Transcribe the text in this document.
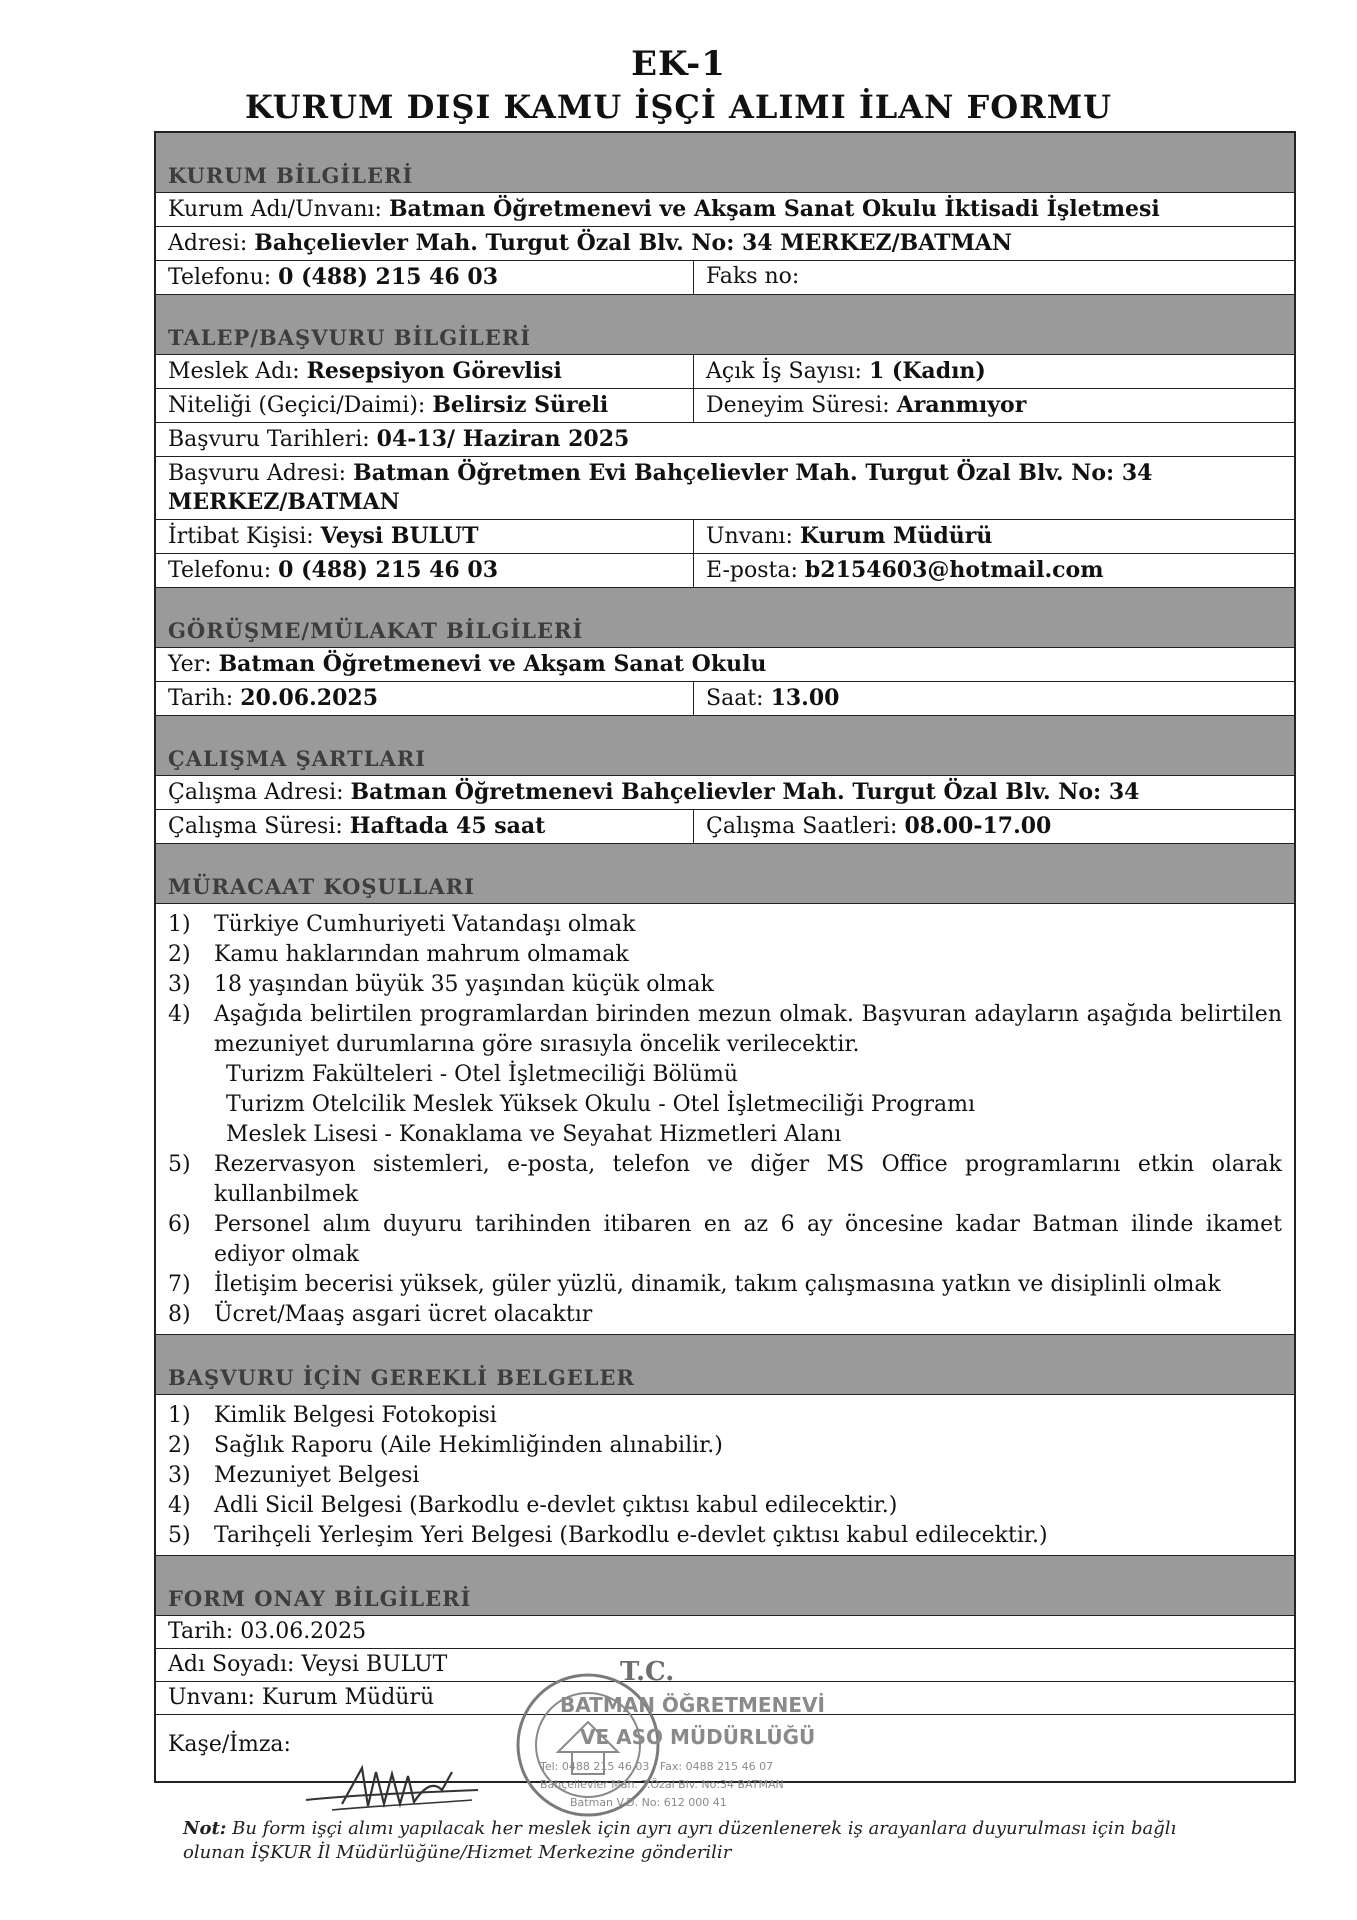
EK-1
KURUM DIŞI KAMU İŞÇİ ALIMI İLAN FORMU
KURUM BİLGİLERİ
Kurum Adı/Unvanı: Batman Öğretmenevi ve Akşam Sanat Okulu İktisadi İşletmesi
Adresi: Bahçelievler Mah. Turgut Özal Blv. No: 34 MERKEZ/BATMAN
Telefonu: 0 (488) 215 46 03	Faks no:
TALEP/BAŞVURU BİLGİLERİ
Meslek Adı: Resepsiyon Görevlisi	Açık İş Sayısı: 1 (Kadın)
Niteliği (Geçici/Daimi): Belirsiz Süreli	Deneyim Süresi: Aranmıyor
Başvuru Tarihleri: 04-13/ Haziran 2025
Başvuru Adresi: Batman Öğretmen Evi Bahçelievler Mah. Turgut Özal Blv. No: 34 MERKEZ/BATMAN
İrtibat Kişisi: Veysi BULUT	Unvanı: Kurum Müdürü
Telefonu: 0 (488) 215 46 03	E-posta: b2154603@hotmail.com
GÖRÜŞME/MÜLAKAT BİLGİLERİ
Yer: Batman Öğretmenevi ve Akşam Sanat Okulu
Tarih: 20.06.2025	Saat: 13.00
ÇALIŞMA ŞARTLARI
Çalışma Adresi: Batman Öğretmenevi Bahçelievler Mah. Turgut Özal Blv. No: 34
Çalışma Süresi: Haftada 45 saat	Çalışma Saatleri: 08.00-17.00
MÜRACAAT KOŞULLARI
1)	Türkiye Cumhuriyeti Vatandaşı olmak
2)	Kamu haklarından mahrum olmamak
3)	18 yaşından büyük 35 yaşından küçük olmak
4)	Aşağıda belirtilen programlardan birinden mezun olmak. Başvuran adayların aşağıda belirtilen mezuniyet durumlarına göre sırasıyla öncelik verilecektir.
Turizm Fakülteleri - Otel İşletmeciliği Bölümü
Turizm Otelcilik Meslek Yüksek Okulu - Otel İşletmeciliği Programı
Meslek Lisesi - Konaklama ve Seyahat Hizmetleri Alanı
5)	Rezervasyon sistemleri, e-posta, telefon ve diğer MS Office programlarını etkin olarak kullanbilmek
6)	Personel alım duyuru tarihinden itibaren en az 6 ay öncesine kadar Batman ilinde ikamet ediyor olmak
7)	İletişim becerisi yüksek, güler yüzlü, dinamik, takım çalışmasına yatkın ve disiplinli olmak
8)	Ücret/Maaş asgari ücret olacaktır
BAŞVURU İÇİN GEREKLİ BELGELER
1)	Kimlik Belgesi Fotokopisi
2)	Sağlık Raporu (Aile Hekimliğinden alınabilir.)
3)	Mezuniyet Belgesi
4)	Adli Sicil Belgesi (Barkodlu e-devlet çıktısı kabul edilecektir.)
5)	Tarihçeli Yerleşim Yeri Belgesi (Barkodlu e-devlet çıktısı kabul edilecektir.)
FORM ONAY BİLGİLERİ
Tarih: 03.06.2025
Adı Soyadı: Veysi BULUT
Unvanı: Kurum Müdürü
Kaşe/İmza:
T.C.
BATMAN ÖĞRETMENEVİ
VE ASO MÜDÜRLÜĞÜ
Tel: 0488 215 46 03 · Fax: 0488 215 46 07
Bahçelievler Mah. T.Özal Blv. No:34 BATMAN
Batman V.D. No: 612 000 41
Not: Bu form işçi alımı yapılacak her meslek için ayrı ayrı düzenlenerek iş arayanlara duyurulması için bağlı olunan İŞKUR İl Müdürlüğüne/Hizmet Merkezine gönderilir
